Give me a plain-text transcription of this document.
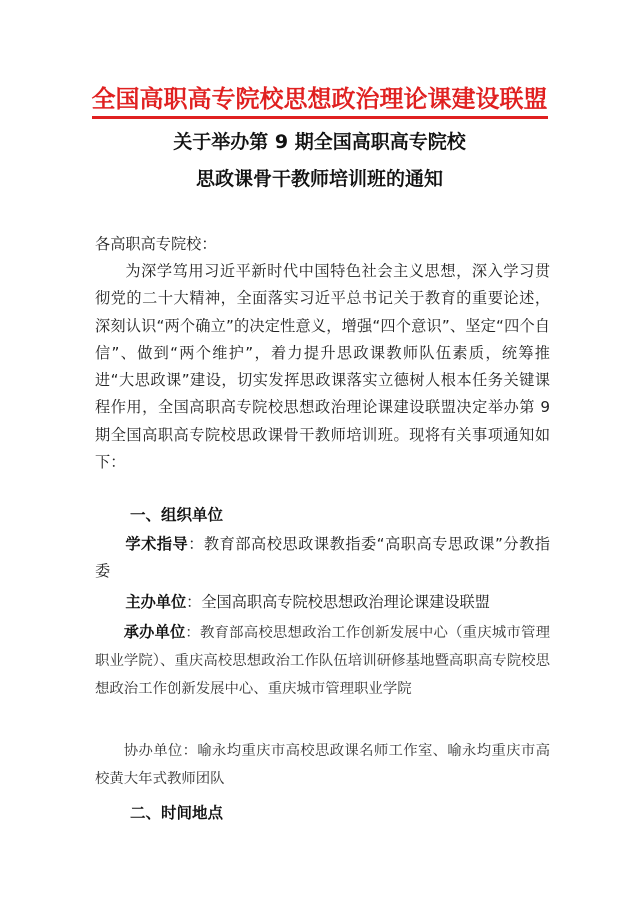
全国高职高专院校思想政治理论课建设联盟
关于举办第 9 期全国高职高专院校
思政课骨干教师培训班的通知
各高职高专院校：
为深学笃用习近平新时代中国特色社会主义思想，深入学习贯彻党的二十大精神，全面落实习近平总书记关于教育的重要论述，深刻认识“两个确立”的决定性意义，增强“四个意识”、坚定“四个自信”、做到“两个维护”，着力提升思政课教师队伍素质，统筹推进“大思政课”建设，切实发挥思政课落实立德树人根本任务关键课程作用，全国高职高专院校思想政治理论课建设联盟决定举办第 9 期全国高职高专院校思政课骨干教师培训班。现将有关事项通知如下：
一、组织单位
学术指导：教育部高校思政课教指委“高职高专思政课”分教指委
主办单位：全国高职高专院校思想政治理论课建设联盟
承办单位：教育部高校思想政治工作创新发展中心（重庆城市管理职业学院）、重庆高校思想政治工作队伍培训研修基地暨高职高专院校思想政治工作创新发展中心、重庆城市管理职业学院
协办单位：喻永均重庆市高校思政课名师工作室、喻永均重庆市高校黄大年式教师团队
二、时间地点
